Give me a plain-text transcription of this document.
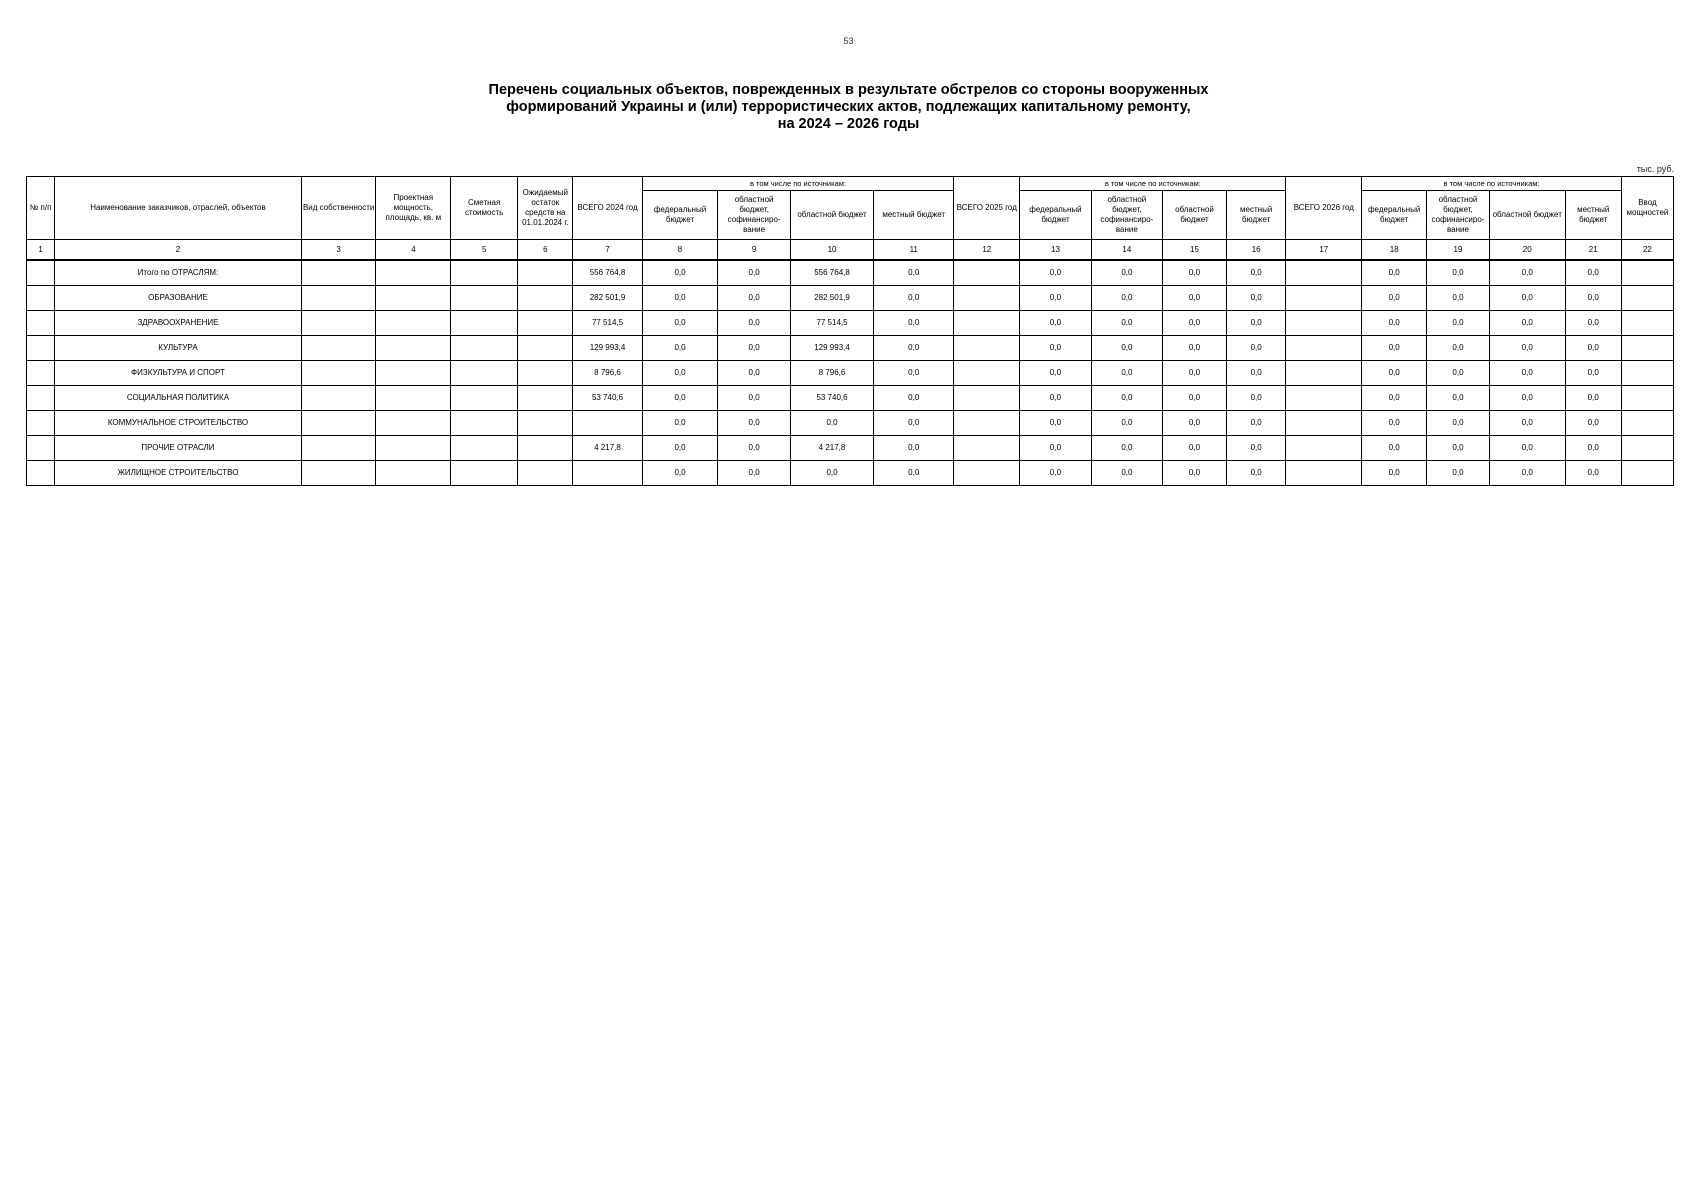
53
Перечень социальных объектов, поврежденных в результате обстрелов со стороны вооруженных
формирований Украины и (или) террористических актов, подлежащих капитальному ремонту,
на 2024 – 2026 годы
тыс. руб.
№ п/п	Наименование заказчиков, отраслей, объектов	Вид собственности	Проектная мощность, площадь, кв. м	Сметная стоимость	Ожидаемый остаток средств на 01.01.2024 г.	ВСЕГО 2024 год	в том числе по источникам:				ВСЕГО 2025 год	в том числе по источникам:				ВСЕГО 2026 год	в том числе по источникам:				Ввод мощностей
							федеральный бюджет	областной бюджет, софинансиро-вание	областной бюджет	местный бюджет		федеральный бюджет	областной бюджет, софинансиро-вание	областной бюджет	местный бюджет		федеральный бюджет	областной бюджет, софинансиро-вание	областной бюджет	местный бюджет	
1	2	3	4	5	6	7	8	9	10	11	12	13	14	15	16	17	18	19	20	21	22
	Итого по ОТРАСЛЯМ:					556 764,8	0,0	0,0	556 764,8	0,0		0,0	0,0	0,0	0,0		0,0	0,0	0,0	0,0	
	ОБРАЗОВАНИЕ					282 501,9	0,0	0,0	282 501,9	0,0		0,0	0,0	0,0	0,0		0,0	0,0	0,0	0,0	
	ЗДРАВООХРАНЕНИЕ					77 514,5	0,0	0,0	77 514,5	0,0		0,0	0,0	0,0	0,0		0,0	0,0	0,0	0,0	
	КУЛЬТУРА					129 993,4	0,0	0,0	129 993,4	0,0		0,0	0,0	0,0	0,0		0,0	0,0	0,0	0,0	
	ФИЗКУЛЬТУРА И СПОРТ					8 796,6	0,0	0,0	8 796,6	0,0		0,0	0,0	0,0	0,0		0,0	0,0	0,0	0,0	
	СОЦИАЛЬНАЯ ПОЛИТИКА					53 740,6	0,0	0,0	53 740,6	0,0		0,0	0,0	0,0	0,0		0,0	0,0	0,0	0,0	
	КОММУНАЛЬНОЕ СТРОИТЕЛЬСТВО						0,0	0,0	0,0	0,0		0,0	0,0	0,0	0,0		0,0	0,0	0,0	0,0	
	ПРОЧИЕ ОТРАСЛИ					4 217,8	0,0	0,0	4 217,8	0,0		0,0	0,0	0,0	0,0		0,0	0,0	0,0	0,0	
	ЖИЛИЩНОЕ СТРОИТЕЛЬСТВО						0,0	0,0	0,0	0,0		0,0	0,0	0,0	0,0		0,0	0,0	0,0	0,0	
